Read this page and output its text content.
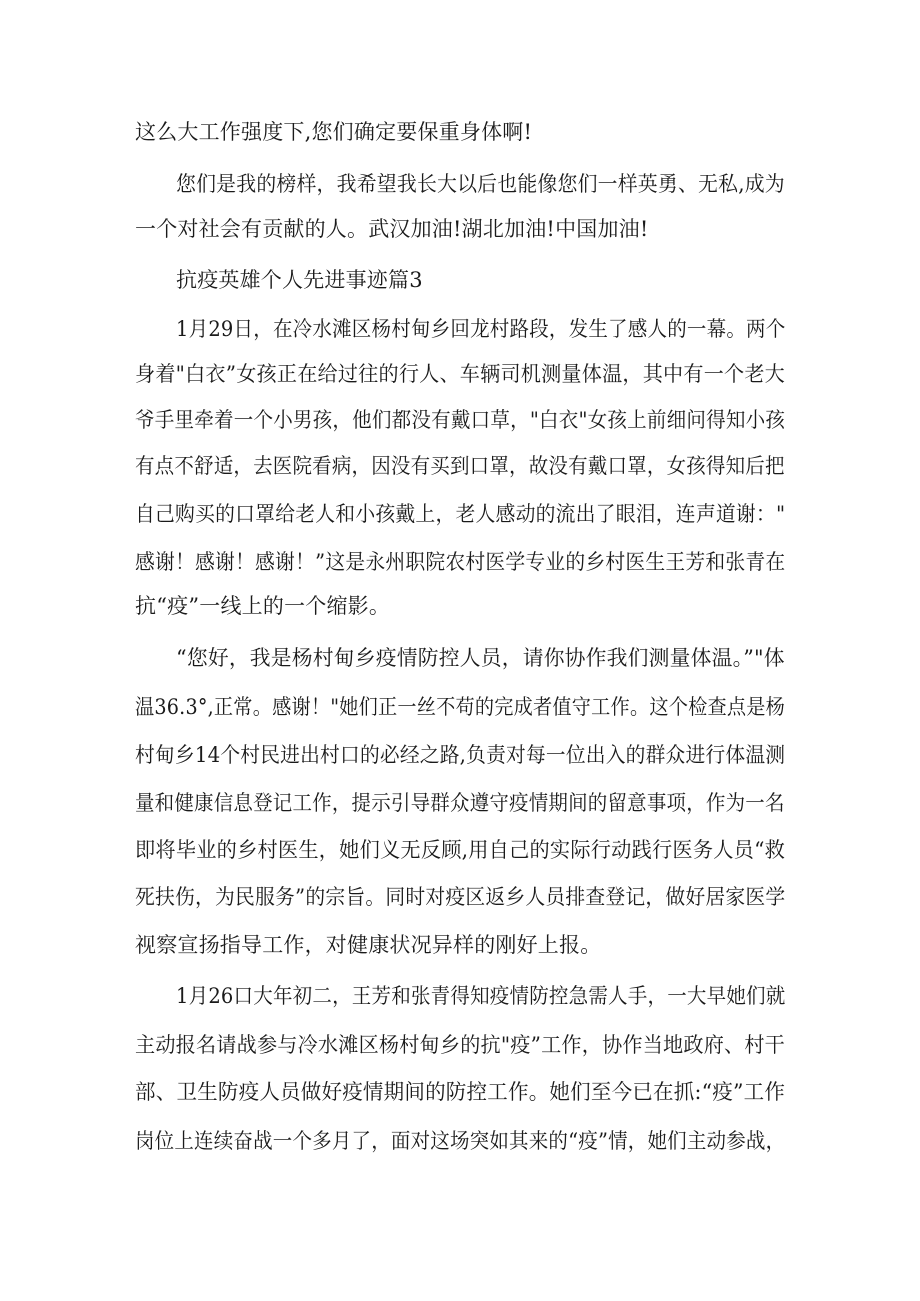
这么大工作强度下,您们确定要保重身体啊!
您们是我的榜样，我希望我长大以后也能像您们一样英勇、无私,成为
一个对社会有贡献的人。武汉加油!湖北加油!中国加油!
抗疫英雄个人先进事迹篇3
1月29日，在冷水滩区杨村甸乡回龙村路段，发生了感人的一幕。两个
身着"白衣”女孩正在给过往的行人、车辆司机测量体温，其中有一个老大
爷手里牵着一个小男孩，他们都没有戴口草，"白衣"女孩上前细问得知小孩
有点不舒适，去医院看病，因没有买到口罩，故没有戴口罩，女孩得知后把
自己购买的口罩给老人和小孩戴上，老人感动的流出了眼泪，连声道谢："
感谢！感谢！感谢！”这是永州职院农村医学专业的乡村医生王芳和张青在
抗“疫”一线上的一个缩影。
“您好，我是杨村甸乡疫情防控人员，请你协作我们测量体温。”"体
温36.3°,正常。感谢！"她们正一丝不苟的完成者值守工作。这个检查点是杨
村甸乡14个村民进出村口的必经之路,负责对每一位出入的群众进行体温测
量和健康信息登记工作，提示引导群众遵守疫情期间的留意事项，作为一名
即将毕业的乡村医生，她们义无反顾,用自己的实际行动践行医务人员“救
死扶伤，为民服务”的宗旨。同时对疫区返乡人员排查登记，做好居家医学
视察宣扬指导工作，对健康状况异样的刚好上报。
1月26口大年初二，王芳和张青得知疫情防控急需人手，一大早她们就
主动报名请战参与冷水滩区杨村甸乡的抗"疫”工作，协作当地政府、村干
部、卫生防疫人员做好疫情期间的防控工作。她们至今已在抓:“疫”工作
岗位上连续奋战一个多月了，面对这场突如其来的“疫”情，她们主动参战，
